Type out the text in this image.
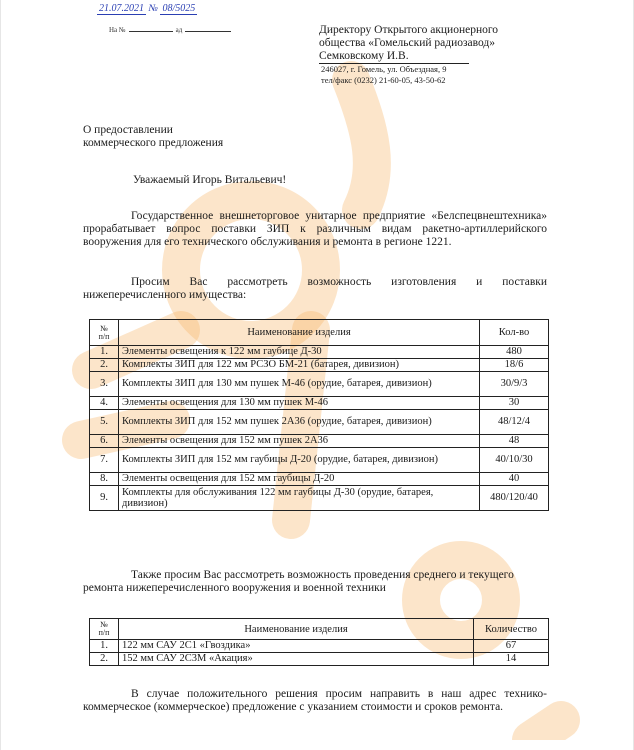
21.07.2021 № 08/5025
На №	ад	Директору Открытого акционерного
общества «Гомельский радиозавод»
Семковскому И.В.
246027, г. Гомель, ул. Объездная, 9
тел/факс (0232) 21-60-05, 43-50-62
О предоставлении
коммерческого предложения
Уважаемый Игорь Витальевич!
Государственное внешнеторговое унитарное предприятие «Белспецвнештехника» прорабатывает вопрос поставки ЗИП к различным видам ракетно-артиллерийского вооружения для его технического обслуживания и ремонта в регионе 1221.
Просим Вас рассмотреть возможность изготовления и поставки нижеперечисленного имущества:
№
п/п	Наименование изделия	Кол-во
1.	Элементы освещения к 122 мм гаубице Д-30	480
2.	Комплекты ЗИП для 122 мм РСЗО БМ-21 (батарея, дивизион)	18/6
3.	Комплекты ЗИП для 130 мм пушек М-46 (орудие, батарея, дивизион)	30/9/3
4.	Элементы освещения для 130 мм пушек М-46	30
5.	Комплекты ЗИП для 152 мм пушек 2А36 (орудие, батарея, дивизион)	48/12/4
6.	Элементы освещения для 152 мм пушек 2А36	48
7.	Комплекты ЗИП для 152 мм гаубицы Д-20 (орудие, батарея, дивизион)	40/10/30
8.	Элементы освещения для 152 мм гаубицы Д-20	40
9.	Комплекты для обслуживания 122 мм гаубицы Д-30 (орудие, батарея, дивизион)	480/120/40
Также просим Вас рассмотреть возможность проведения среднего и текущего ремонта нижеперечисленного вооружения и военной техники
№
п/п	Наименование изделия	Количество
1.	122 мм САУ 2С1 «Гвоздика»	67
2.	152 мм САУ 2С3М «Акация»	14
В случае положительного решения просим направить в наш адрес технико-коммерческое (коммерческое) предложение с указанием стоимости и сроков ремонта.
